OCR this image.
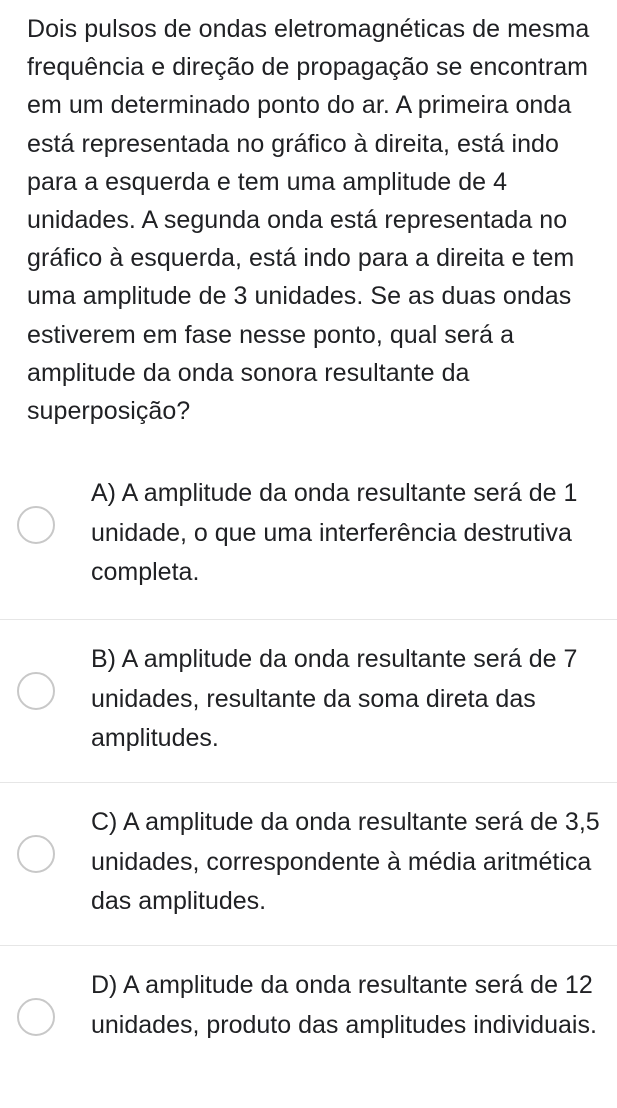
Dois pulsos de ondas eletromagnéticas de mesma frequência e direção de propagação se encontram em um determinado ponto do ar. A primeira onda está representada no gráfico à direita, está indo para a esquerda e tem uma amplitude de 4 unidades. A segunda onda está representada no gráfico à esquerda, está indo para a direita e tem uma amplitude de 3 unidades. Se as duas ondas estiverem em fase nesse ponto, qual será a amplitude da onda sonora resultante da superposição?
A) A amplitude da onda resultante será de 1 unidade, o que uma interferência destrutiva completa.
B) A amplitude da onda resultante será de 7 unidades, resultante da soma direta das amplitudes.
C) A amplitude da onda resultante será de 3,5 unidades, correspondente à média aritmética das amplitudes.
D) A amplitude da onda resultante será de 12 unidades, produto das amplitudes individuais.
